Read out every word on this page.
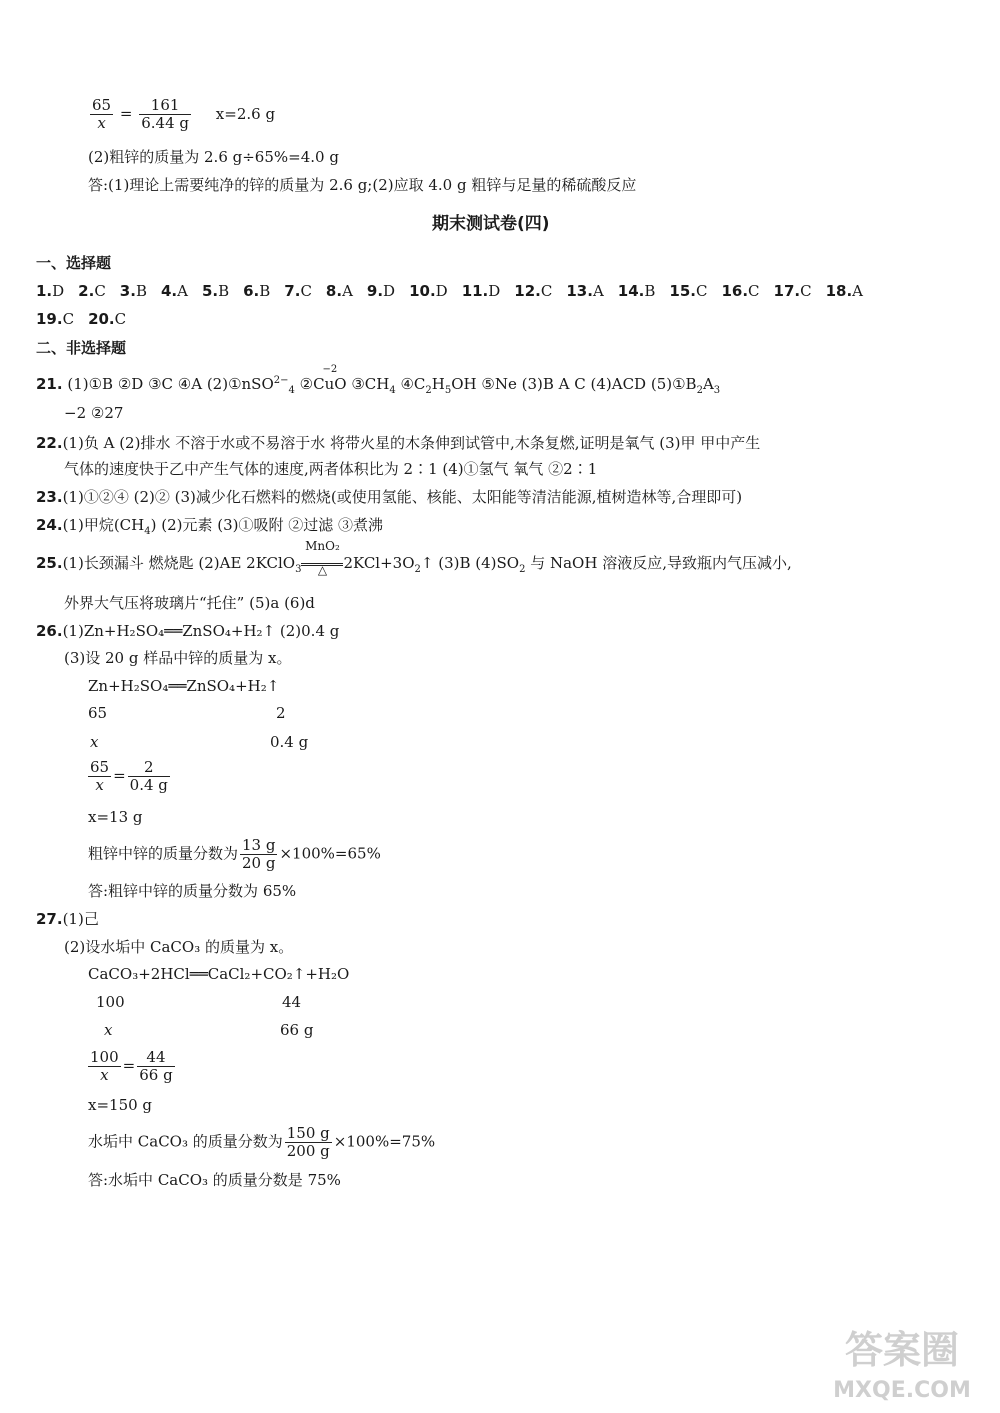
$\frac{65}{x} = \frac{161}{6.44 g} x=2.6$ g
(2)粗锌的质量为 2.6 g÷65%=4.0 g
答:(1)理论上需要纯净的锌的质量为 2.6 g;(2)应取 4.0 g 粗锌与足量的稀硫酸反应
期末测试卷(四)
一、选择题
1.D 2.C 3.B 4.A 5.B 6.B 7.C 8.A 9.D 10.D 11.D 12.C 13.A 14.B 15.C 16.C 17.C 18.A
19.C 20.C
二、非选择题
21. (1)①B ②D ③C ④A (2)①nSO$^{2-}_4$ ②
−2
CuO $③CH_4$ $④C_2H_5OH$ ⑤Ne (3)B A C (4)ACD $(5)①B_2A_3$
−2 ②27
22.(1)负 A (2)排水 不溶于水或不易溶于水 将带火星的木条伸到试管中,木条复燃,证明是氧气 (3)甲 甲中产生
气体的速度快于乙中产生气体的速度,两者体积比为 2∶1 (4)①氢气 氧气 ②2∶1
23.(1)①②④ (2)② (3)减少化石燃料的燃烧(或使用氢能、核能、太阳能等清洁能源,植树造林等,合理即可)
24.(1)甲烷$(CH_4)$ (2)元素 (3)①吸附 ②过滤 ③煮沸
25.(1)长颈漏斗 燃烧匙 (2)AE 2KClO$_3$
MnO₂
△	$2KCl+3O_2↑$ (3)B $(4)SO_2$ 与 NaOH 溶液反应,导致瓶内气压减小,
外界大气压将玻璃片“托住” (5)a (6)d
26.(1)Zn+H₂SO₄══ZnSO₄+H₂↑ (2)0.4 g
(3)设 20 g 样品中锌的质量为 x。
Zn+H₂SO₄══ZnSO₄+H₂↑
65	2
x	0.4 g
$\frac{65}{x} = \frac{2}{0.4 g}$
x=13 g
粗锌中锌的质量分数为 $\frac{13 g}{20 g} \times 100\%=65\%$
答:粗锌中锌的质量分数为 65%
27.(1)己
(2)设水垢中 CaCO₃ 的质量为 x。
CaCO₃+2HCl══CaCl₂+CO₂↑+H₂O
100	44
x	66 g
$\frac{100}{x} = \frac{44}{66 g}$
x=150 g
水垢中 CaCO₃ 的质量分数为 $\frac{150 g}{200 g} \times 100\%=75\%$
答:水垢中 CaCO₃ 的质量分数是 75%
答案圈
MXQE.COM
